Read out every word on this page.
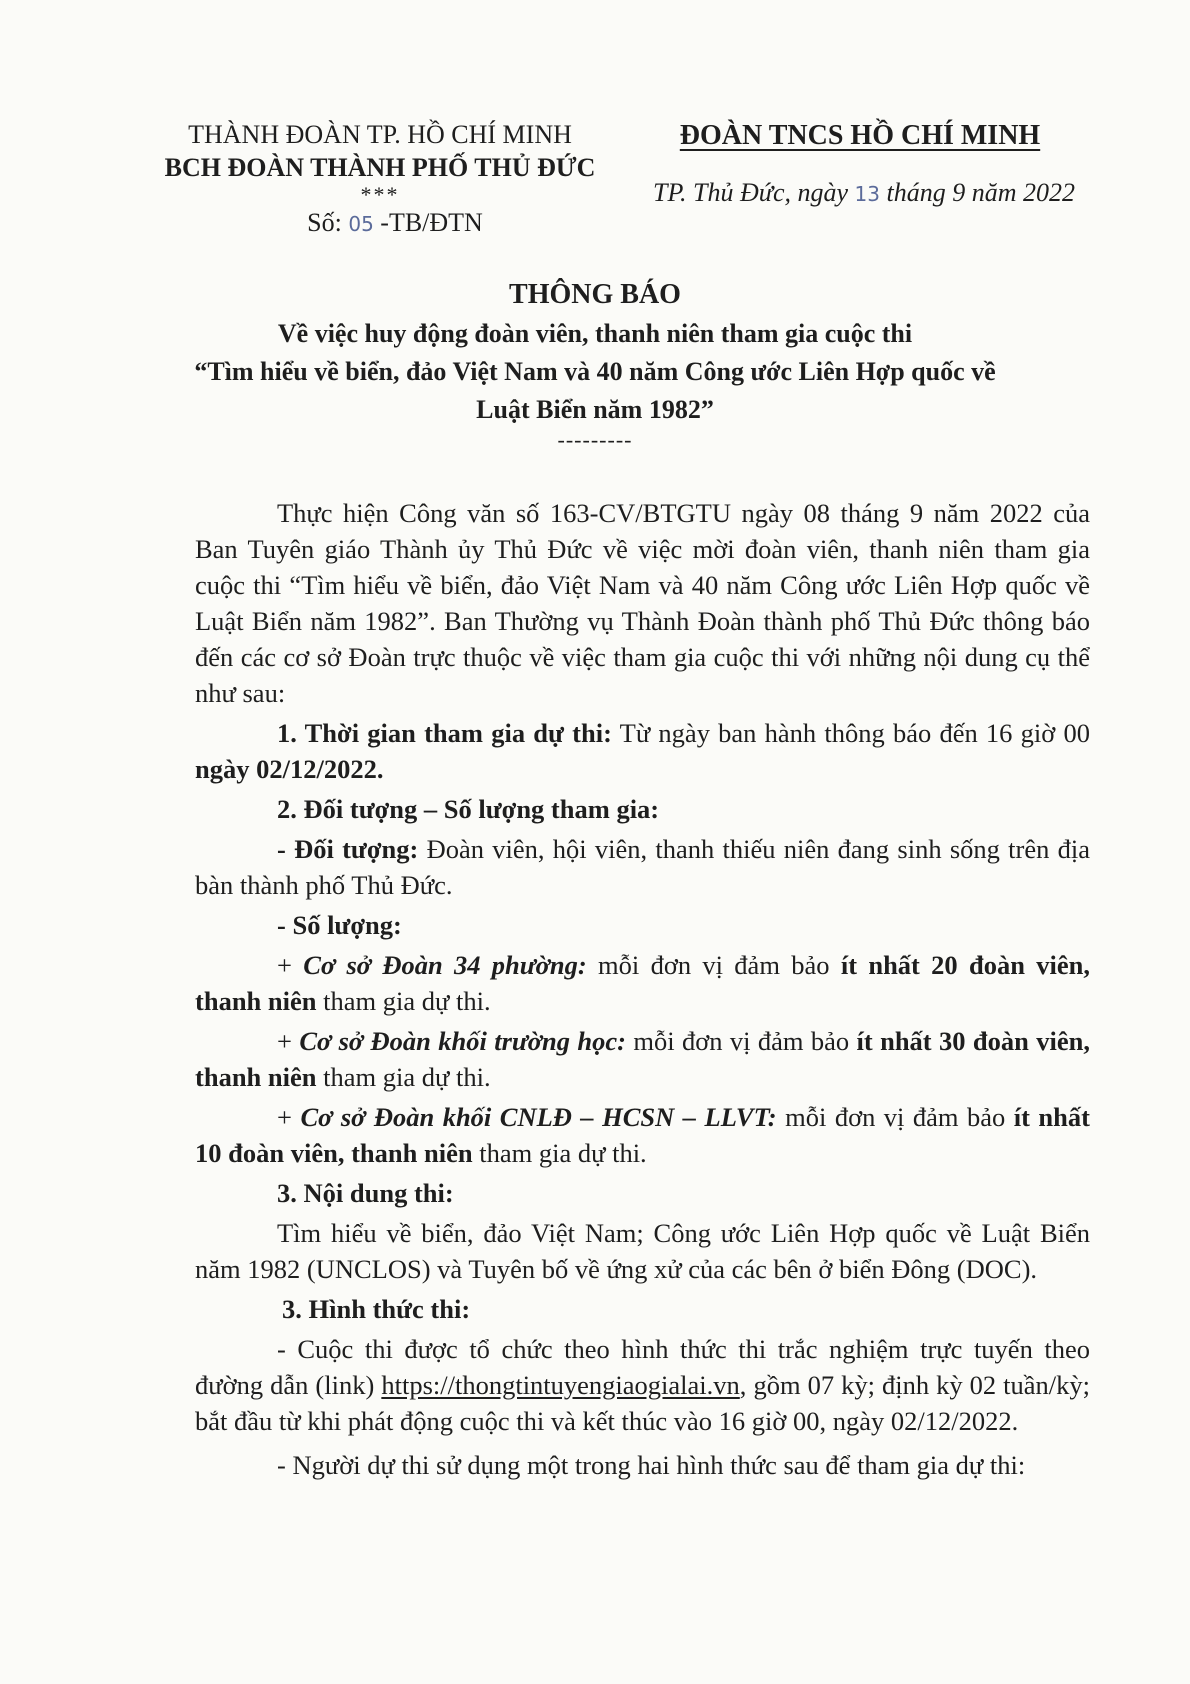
THÀNH ĐOÀN TP. HỒ CHÍ MINH
BCH ĐOÀN THÀNH PHỐ THỦ ĐỨC
***
Số: 05 -TB/ĐTN
ĐOÀN TNCS HỒ CHÍ MINH
TP. Thủ Đức, ngày 13 tháng 9 năm 2022
THÔNG BÁO
Về việc huy động đoàn viên, thanh niên tham gia cuộc thi
“Tìm hiểu về biển, đảo Việt Nam và 40 năm Công ước Liên Hợp quốc về
Luật Biển năm 1982”
---------

Thực hiện Công văn số 163-CV/BTGTU ngày 08 tháng 9 năm 2022 của Ban Tuyên giáo Thành ủy Thủ Đức về việc mời đoàn viên, thanh niên tham gia cuộc thi “Tìm hiểu về biển, đảo Việt Nam và 40 năm Công ước Liên Hợp quốc về Luật Biển năm 1982”. Ban Thường vụ Thành Đoàn thành phố Thủ Đức thông báo đến các cơ sở Đoàn trực thuộc về việc tham gia cuộc thi với những nội dung cụ thể như sau:

1. Thời gian tham gia dự thi: Từ ngày ban hành thông báo đến 16 giờ 00 ngày 02/12/2022.

2. Đối tượng – Số lượng tham gia:

- Đối tượng: Đoàn viên, hội viên, thanh thiếu niên đang sinh sống trên địa bàn thành phố Thủ Đức.

- Số lượng:

+ Cơ sở Đoàn 34 phường: mỗi đơn vị đảm bảo ít nhất 20 đoàn viên, thanh niên tham gia dự thi.

+ Cơ sở Đoàn khối trường học: mỗi đơn vị đảm bảo ít nhất 30 đoàn viên, thanh niên tham gia dự thi.

+ Cơ sở Đoàn khối CNLĐ – HCSN – LLVT: mỗi đơn vị đảm bảo ít nhất 10 đoàn viên, thanh niên tham gia dự thi.

3. Nội dung thi:

Tìm hiểu về biển, đảo Việt Nam; Công ước Liên Hợp quốc về Luật Biển năm 1982 (UNCLOS) và Tuyên bố về ứng xử của các bên ở biển Đông (DOC).

3. Hình thức thi:

- Cuộc thi được tổ chức theo hình thức thi trắc nghiệm trực tuyến theo đường dẫn (link) https://thongtintuyengiaogialai.vn, gồm 07 kỳ; định kỳ 02 tuần/kỳ; bắt đầu từ khi phát động cuộc thi và kết thúc vào 16 giờ 00, ngày 02/12/2022.

- Người dự thi sử dụng một trong hai hình thức sau để tham gia dự thi:
